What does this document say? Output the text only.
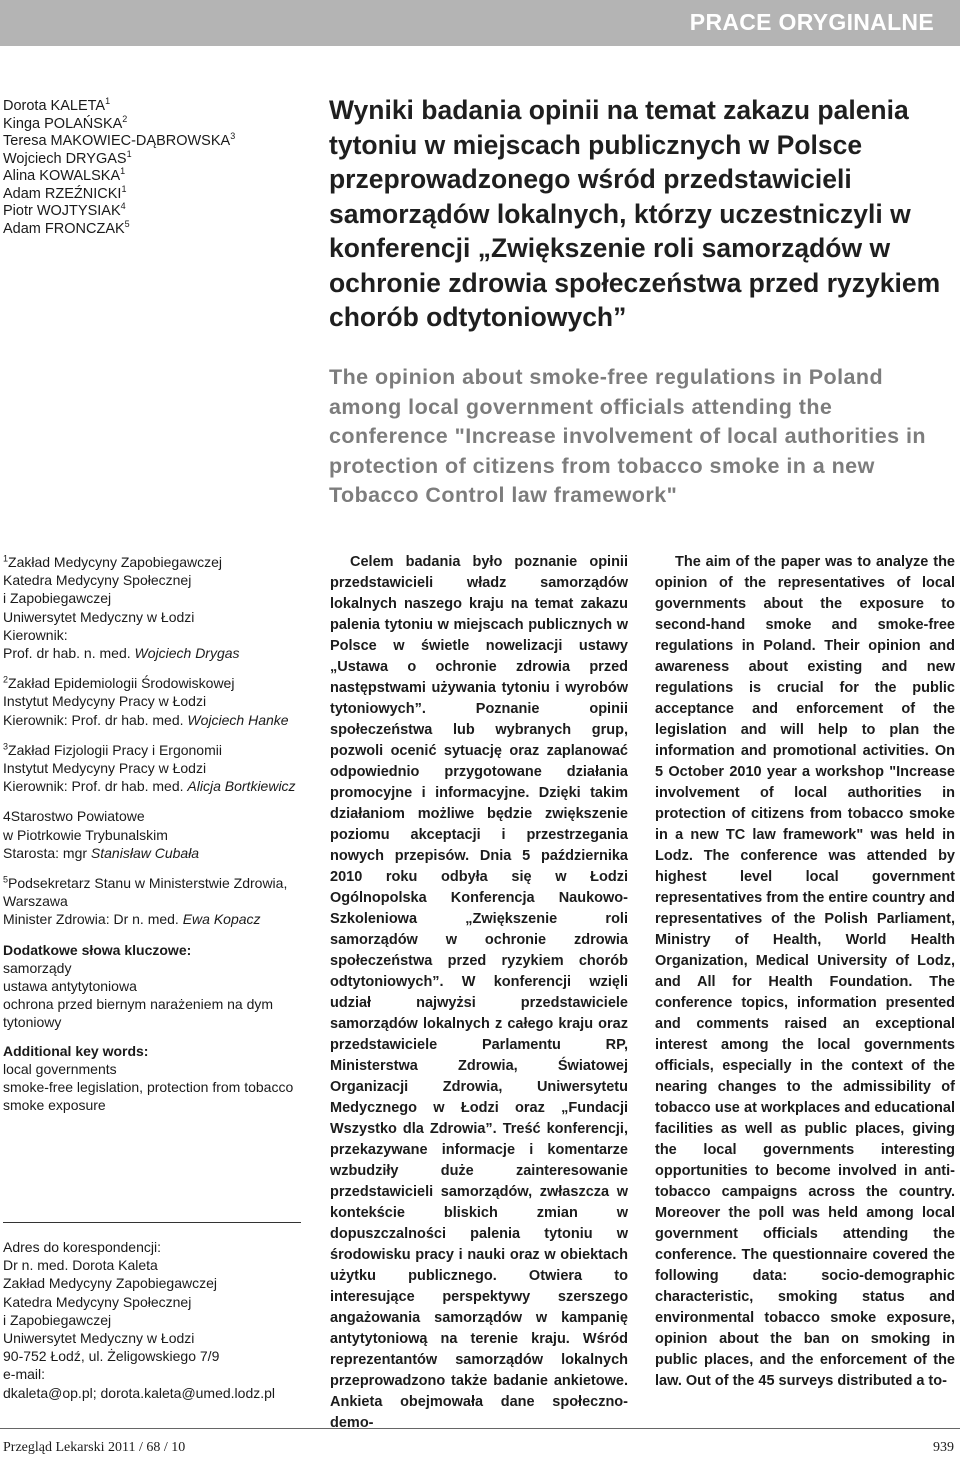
PRACE ORYGINALNE
Dorota KALETA$^1$
Kinga POLAŃSKA$^2$
Teresa MAKOWIEC-DĄBROWSKA$^3$
Wojciech DRYGAS$^1$
Alina KOWALSKA$^1$
Adam RZEŹNICKI$^1$
Piotr WOJTYSIAK$^4$
Adam FRONCZAK$^5$
Wyniki badania opinii na temat zakazu palenia tytoniu w miejscach publicznych w Polsce przeprowadzonego wśród przedstawicieli samorządów lokalnych, którzy uczestniczyli w konferencji „Zwiększenie roli samorządów w ochronie zdrowia społeczeństwa przed ryzykiem chorób odtytoniowych”
The opinion about smoke-free regulations in Poland among local government officials attending the conference "Increase involvement of local authorities in protection of citizens from tobacco smoke in a new Tobacco Control law framework"
$^1$Zakład Medycyny Zapobiegawczej
Katedra Medycyny Społecznej
i Zapobiegawczej
Uniwersytet Medyczny w Łodzi
Kierownik:
Prof. dr hab. n. med. Wojciech Drygas
$^2$Zakład Epidemiologii Środowiskowej
Instytut Medycyny Pracy w Łodzi
Kierownik: Prof. dr hab. med. Wojciech Hanke
$^3$Zakład Fizjologii Pracy i Ergonomii
Instytut Medycyny Pracy w Łodzi
Kierownik: Prof. dr hab. med. Alicja Bortkiewicz
4Starostwo Powiatowe
w Piotrkowie Trybunalskim
Starosta: mgr Stanisław Cubała
$^5$Podsekretarz Stanu w Ministerstwie Zdrowia,
Warszawa
Minister Zdrowia: Dr n. med. Ewa Kopacz
Dodatkowe słowa kluczowe:
samorządy
ustawa antytytoniowa
ochrona przed biernym narażeniem na dym
tytoniowy
Additional key words:
local governments
smoke-free legislation, protection from tobacco
smoke exposure
Adres do korespondencji:
Dr n. med. Dorota Kaleta
Zakład Medycyny Zapobiegawczej
Katedra Medycyny Społecznej
i Zapobiegawczej
Uniwersytet Medyczny w Łodzi
90-752 Łodź, ul. Żeligowskiego 7/9
e-mail:
dkaleta@op.pl; dorota.kaleta@umed.lodz.pl

Celem badania było poznanie opinii przedstawicieli władz samorządów lokalnych naszego kraju na temat zakazu palenia tytoniu w miejscach publicznych w Polsce w świetle nowelizacji ustawy „Ustawa o ochronie zdrowia przed następstwami używania tytoniu i wyrobów tytoniowych”. Poznanie opinii społeczeństwa lub wybranych grup, pozwoli ocenić sytuację oraz zaplanować odpowiednio przygotowane działania promocyjne i informacyjne. Dzięki takim działaniom możliwe będzie zwiększenie poziomu akceptacji i przestrzegania nowych przepisów. Dnia 5 października 2010 roku odbyła się w Łodzi Ogólnopolska Konferencja Naukowo-Szkoleniowa „Zwiększenie roli samorządów w ochronie zdrowia społeczeństwa przed ryzykiem chorób odtytoniowych”. W konferencji wzięli udział najwyżsi przedstawiciele samorządów lokalnych z całego kraju oraz przedstawiciele Parlamentu RP, Ministerstwa Zdrowia, Światowej Organizacji Zdrowia, Uniwersytetu Medycznego w Łodzi oraz „Fundacji Wszystko dla Zdrowia”. Treść konferencji, przekazywane informacje i komentarze wzbudziły duże zainteresowanie przedstawicieli samorządów, zwłaszcza w kontekście bliskich zmian w dopuszczalności palenia tytoniu w środowisku pracy i nauki oraz w obiektach użytku publicznego. Otwiera to interesujące perspektywy szerszego angażowania samorządów w kampanię antytytoniową na terenie kraju. Wśród reprezentantów samorządów lokalnych przeprowadzono także badanie ankietowe. Ankieta obejmowała dane społeczno-demo-

The aim of the paper was to analyze the opinion of the representatives of local governments about the exposure to second-hand smoke and smoke-free regulations in Poland. Their opinion and awareness about existing and new regulations is crucial for the public acceptance and enforcement of the legislation and will help to plan the information and promotional activities. On 5 October 2010 year a workshop "Increase involvement of local authorities in protection of citizens from tobacco smoke in a new TC law framework" was held in Lodz. The conference was attended by highest level local government representatives from the entire country and representatives of the Polish Parliament, Ministry of Health, World Health Organization, Medical University of Lodz, and All for Health Foundation. The conference topics, information presented and comments raised an exceptional interest among the local governments officials, especially in the context of the nearing changes to the admissibility of tobacco use at workplaces and educational facilities as well as public places, giving the local governments interesting opportunities to become involved in anti-tobacco campaigns across the country. Moreover the poll was held among local government officials attending the conference. The questionnaire covered the following data: socio-demographic characteristic, smoking status and environmental tobacco smoke exposure, opinion about the ban on smoking in public places, and the enforcement of the law. Out of the 45 surveys distributed a to-

Przegląd Lekarski 2011 / 68 / 10	939
